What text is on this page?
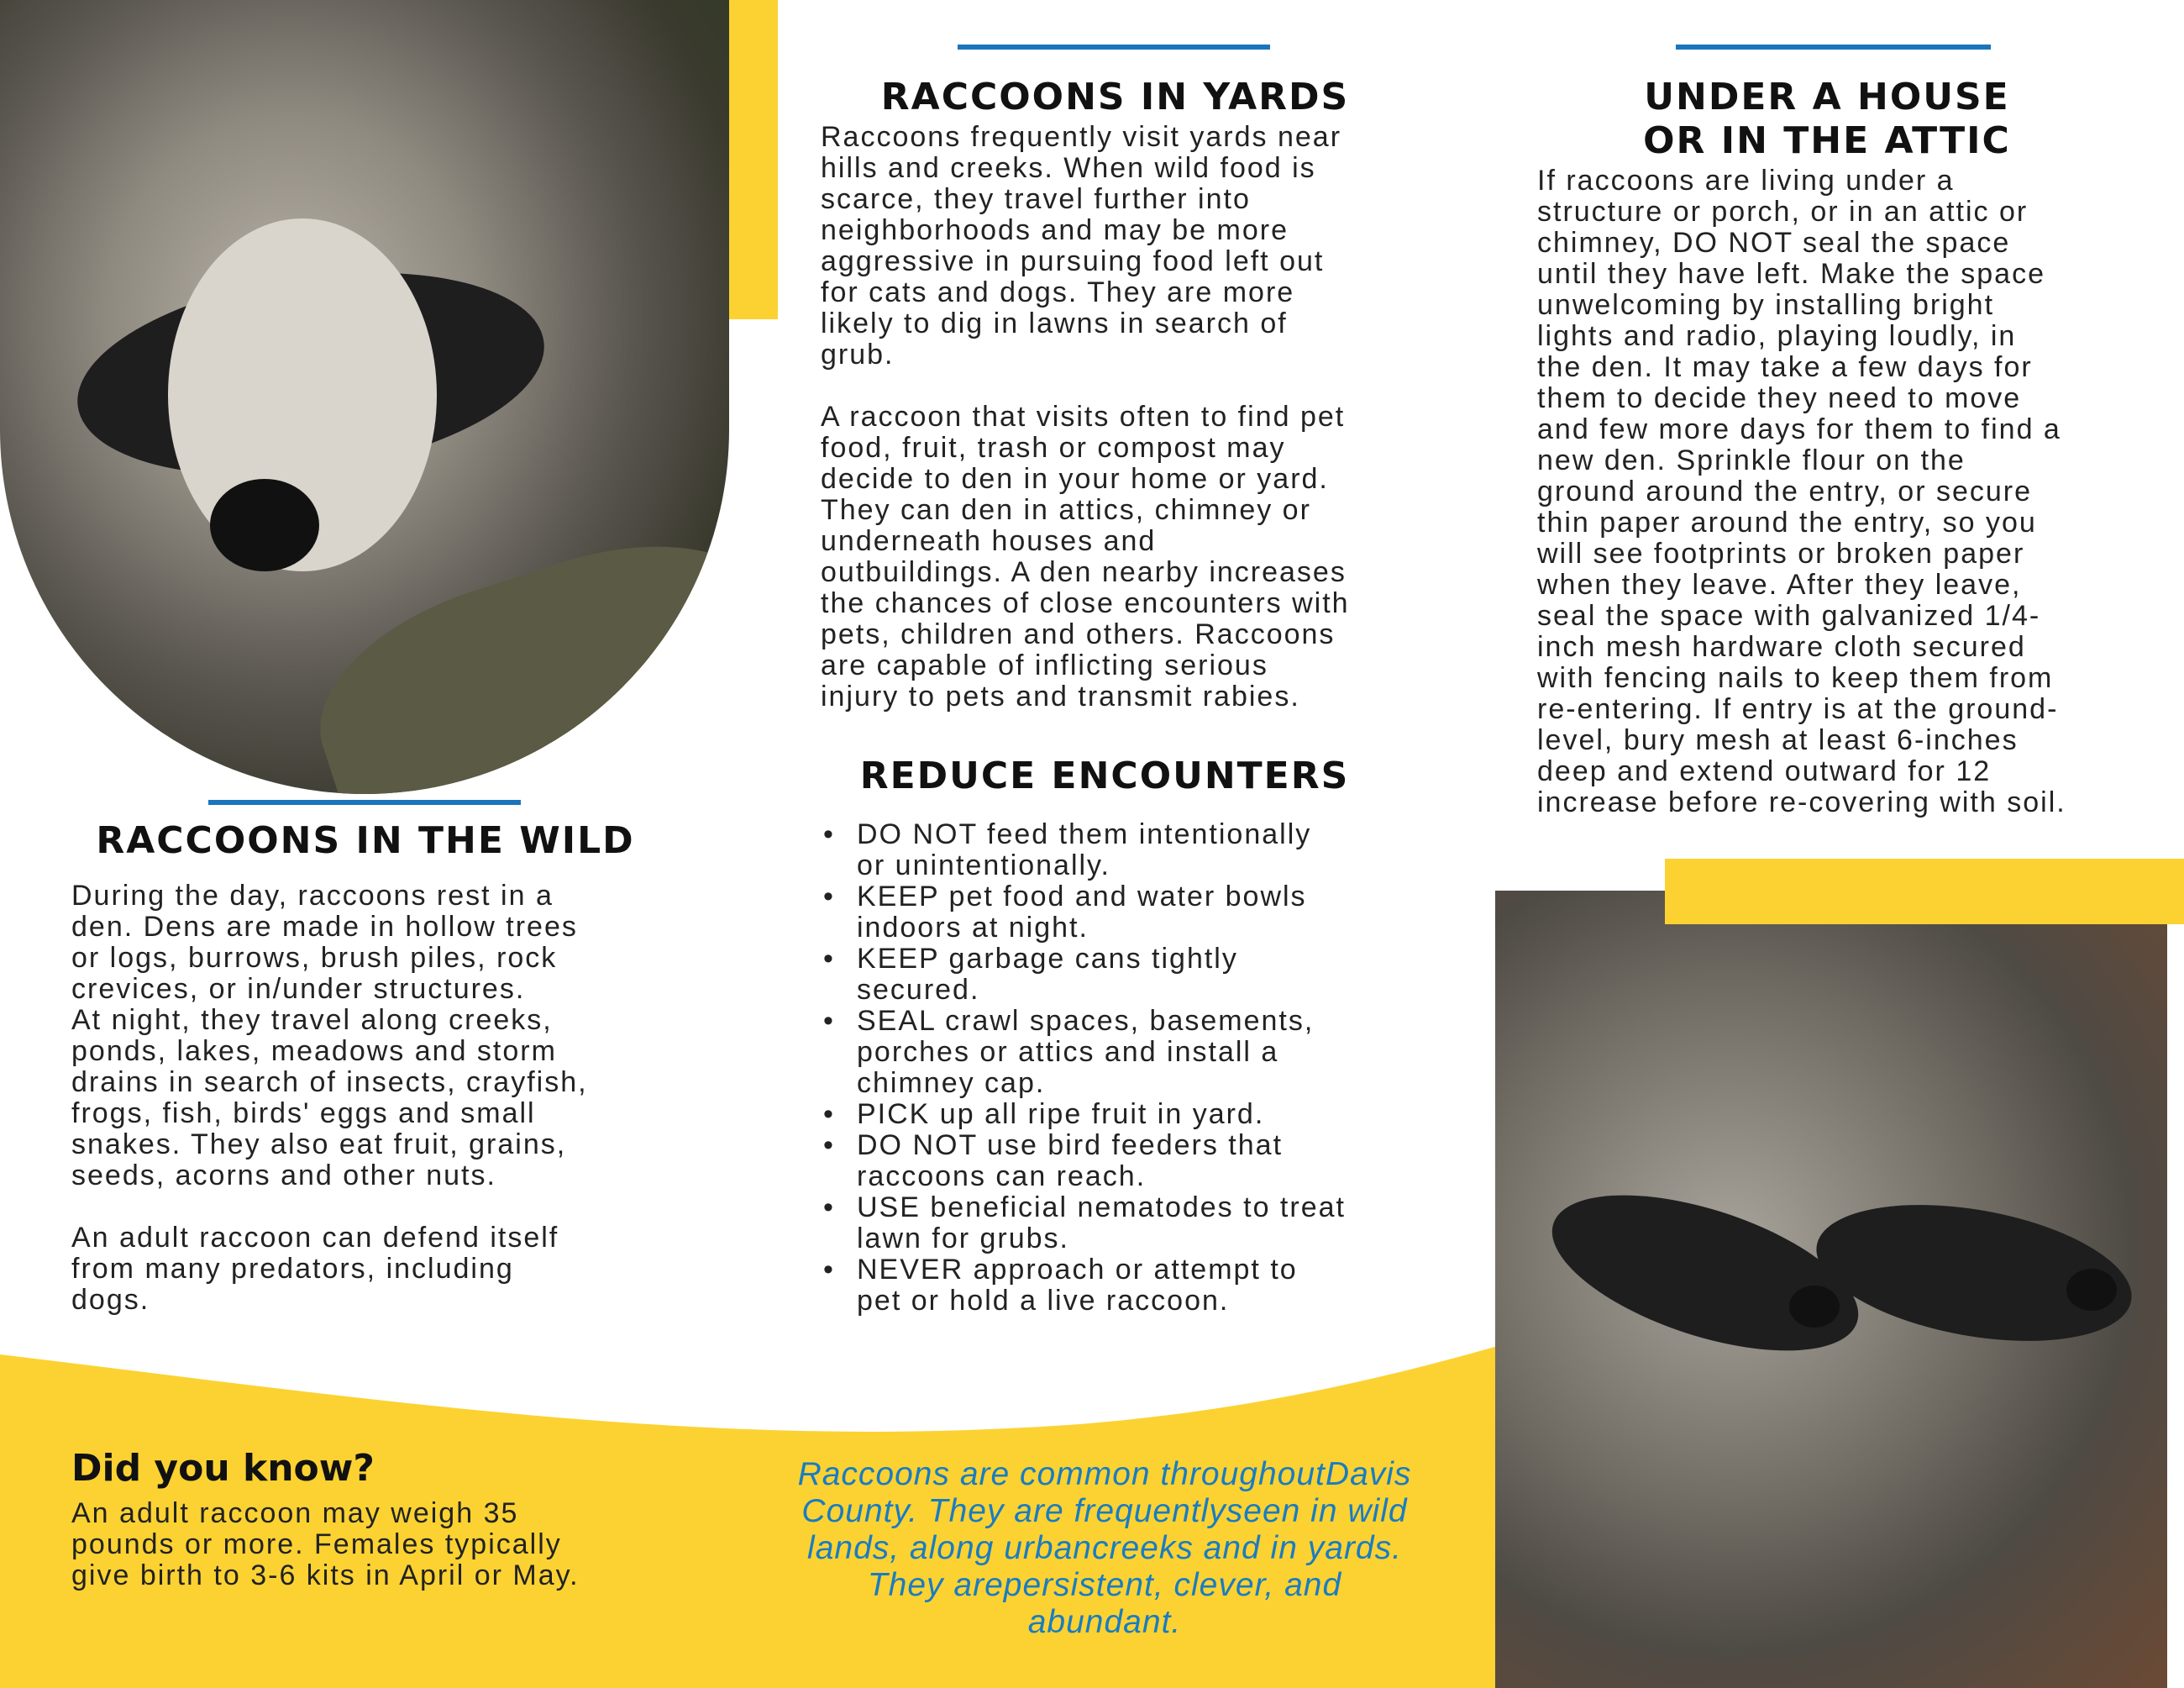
RACCOONS IN THE WILD
During the day, raccoons rest in a
den. Dens are made in hollow trees
or logs, burrows, brush piles, rock
crevices, or in/under structures.
At night, they travel along creeks,
ponds, lakes, meadows and storm
drains in search of insects, crayfish,
frogs, fish, birds' eggs and small
snakes. They also eat fruit, grains,
seeds, acorns and other nuts.
An adult raccoon can defend itself
from many predators, including
dogs.
RACCOONS IN YARDS
Raccoons frequently visit yards near
hills and creeks. When wild food is
scarce, they travel further into
neighborhoods and may be more
aggressive in pursuing food left out
for cats and dogs. They are more
likely to dig in lawns in search of
grub.
A raccoon that visits often to find pet
food, fruit, trash or compost may
decide to den in your home or yard.
They can den in attics, chimney or
underneath houses and
outbuildings. A den nearby increases
the chances of close encounters with
pets, children and others. Raccoons
are capable of inflicting serious
injury to pets and transmit rabies.
REDUCE ENCOUNTERS
• DO NOT feed them intentionally
or unintentionally.
• KEEP pet food and water bowls
indoors at night.
• KEEP garbage cans tightly
secured.
• SEAL crawl spaces, basements,
porches or attics and install a
chimney cap.
• PICK up all ripe fruit in yard.
• DO NOT use bird feeders that
raccoons can reach.
• USE beneficial nematodes to treat
lawn for grubs.
• NEVER approach or attempt to
pet or hold a live raccoon.
UNDER A HOUSE
OR IN THE ATTIC
If raccoons are living under a
structure or porch, or in an attic or
chimney, DO NOT seal the space
until they have left. Make the space
unwelcoming by installing bright
lights and radio, playing loudly, in
the den. It may take a few days for
them to decide they need to move
and few more days for them to find a
new den. Sprinkle flour on the
ground around the entry, or secure
thin paper around the entry, so you
will see footprints or broken paper
when they leave. After they leave,
seal the space with galvanized 1/4-
inch mesh hardware cloth secured
with fencing nails to keep them from
re-entering. If entry is at the ground-
level, bury mesh at least 6-inches
deep and extend outward for 12
increase before re-covering with soil.
Did you know?
An adult raccoon may weigh 35
pounds or more. Females typically
give birth to 3-6 kits in April or May.
Raccoons are common throughoutDavis County. They are frequentlyseen in wild lands, along urbancreeks and in yards. They arepersistent, clever, and abundant.
